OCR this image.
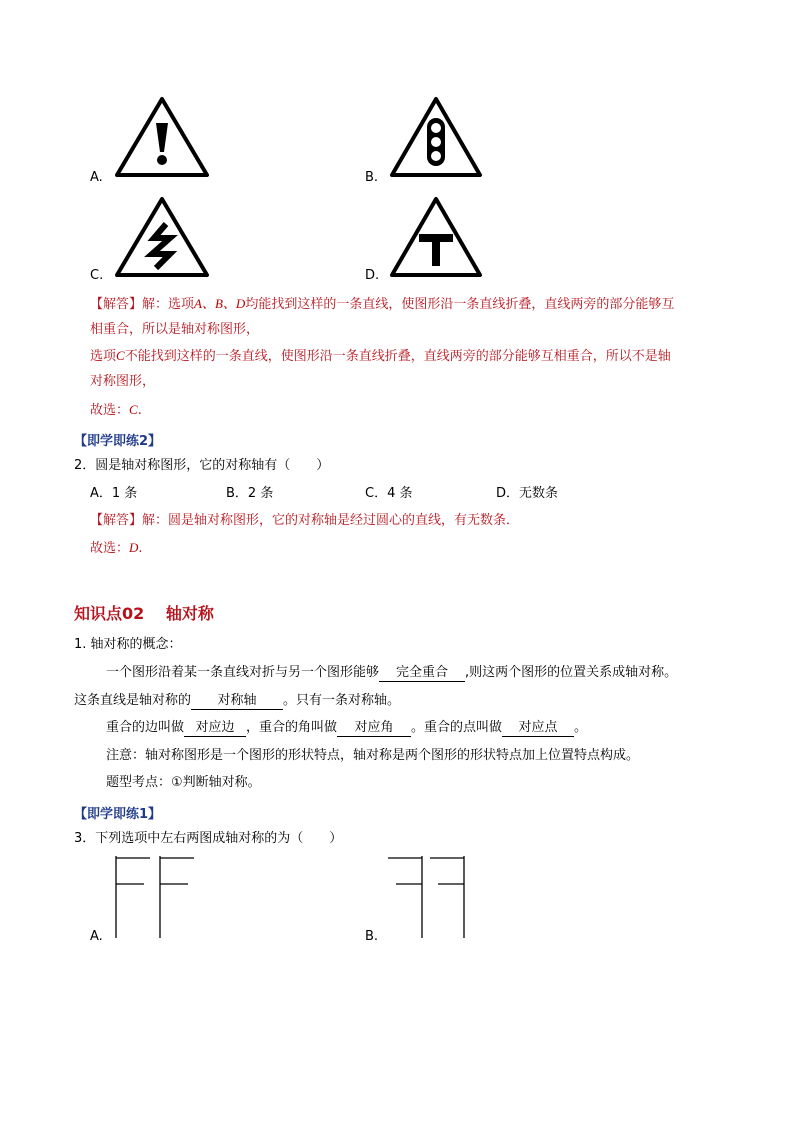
A.	B.
C.	D.
【解答】解：选项A、B、D均能找到这样的一条直线，使图形沿一条直线折叠，直线两旁的部分能够互
相重合，所以是轴对称图形，
选项C不能找到这样的一条直线，使图形沿一条直线折叠，直线两旁的部分能够互相重合，所以不是轴
对称图形，
故选：C.
【即学即练2】
2．圆是轴对称图形，它的对称轴有（　　）
A．1 条	B．2 条	C．4 条	D．无数条
【解答】解：圆是轴对称图形，它的对称轴是经过圆心的直线，有无数条．
故选：D.
知识点02　 轴对称
1. 轴对称的概念：
一个图形沿着某一条直线对折与另一个图形能够 完全重合 ,则这两个图形的位置关系成轴对称。
这条直线是轴对称的 对称轴 。只有一条对称轴。
重合的边叫做 对应边 ，重合的角叫做 对应角 。重合的点叫做 对应点 。
注意：轴对称图形是一个图形的形状特点，轴对称是两个图形的形状特点加上位置特点构成。
题型考点：①判断轴对称。
【即学即练1】
3．下列选项中左右两图成轴对称的为（　　）
A.	B.
